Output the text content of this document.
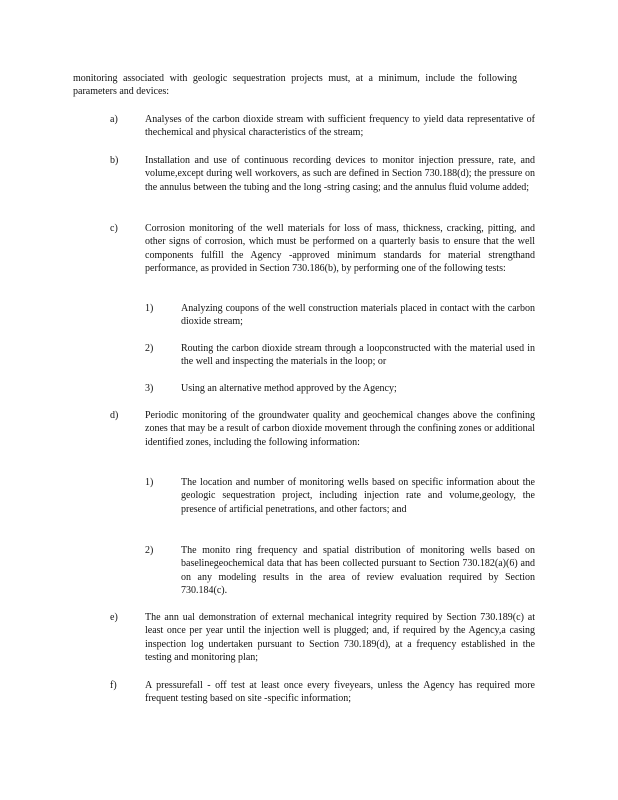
monitoring associated with geologic sequestration projects must, at a minimum, include the following parameters and devices:

a)	Analyses of the carbon dioxide stream with sufficient frequency to yield data representative of thechemical and physical characteristics of the stream;

b)	Installation and use of continuous recording devices to monitor injection pressure, rate, and volume,except during well workovers, as such are defined in Section 730.188(d); the pressure on the annulus between the tubing and the long -string casing; and the annulus fluid volume added;

c)	Corrosion monitoring of the well materials for loss of mass, thickness, cracking, pitting, and other signs of corrosion, which must be performed on a quarterly basis to ensure that the well components fulfill the Agency -approved minimum standards for material strengthand performance, as provided in Section 730.186(b), by performing one of the following tests:

1)	Analyzing coupons of the well construction materials placed in contact with the carbon dioxide stream;

2)	Routing the carbon dioxide stream through a loopconstructed with the material used in the well and inspecting the materials in the loop; or

3)	Using an alternative method approved by the Agency;

d)	Periodic monitoring of the groundwater quality and geochemical changes above the confining zones that may be a result of carbon dioxide movement through the confining zones or additional identified zones, including the following information:

1)	The location and number of monitoring wells based on specific information about the geologic sequestration project, including injection rate and volume,geology, the presence of artificial penetrations, and other factors; and

2)	The monito ring frequency and spatial distribution of monitoring wells based on baselinegeochemical data that has been collected pursuant to Section 730.182(a)(6) and on any modeling results in the area of review evaluation required by Section 730.184(c).

e)	The ann ual demonstration of external mechanical integrity required by Section 730.189(c) at least once per year until the injection well is plugged; and, if required by the Agency,a casing inspection log undertaken pursuant to Section 730.189(d), at a frequency established in the testing and monitoring plan;

f)	A pressurefall - off test at least once every fiveyears, unless the Agency has required more frequent testing based on site -specific information;
